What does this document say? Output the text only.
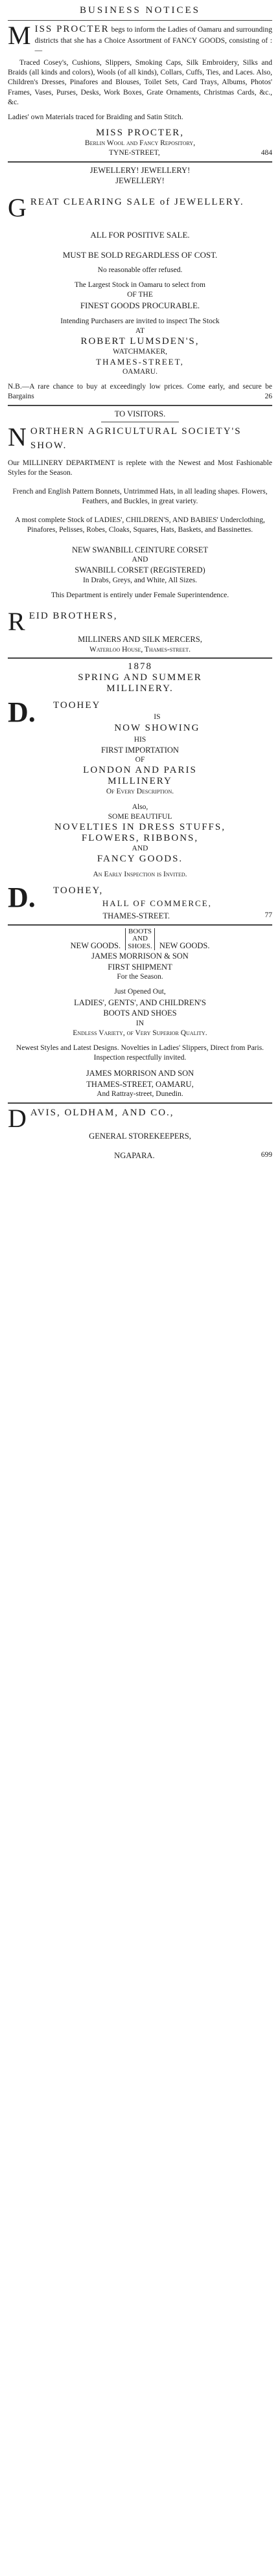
BUSINESS NOTICES
M ISS PROCTER begs to inform the Ladies of Oamaru and surrounding districts that she has a Choice Assortment of FANCY GOODS, consisting of :—

Traced Cosey's, Cushions, Slippers, Smoking Caps, Silk Embroidery, Silks and Braids (all kinds and colors), Wools (of all kinds), Collars, Cuffs, Ties, and Laces. Also, Children's Dresses, Pinafores and Blouses, Toilet Sets, Card Trays, Albums, Photos' Frames, Vases, Purses, Desks, Work Boxes, Grate Ornaments, Christmas Cards, &c., &c.

Ladies' own Materials traced for Braiding and Satin Stitch.

MISS PROCTER,

Berlin Wool and Fancy Repository,

TYNE-STREET,	484

JEWELLERY! JEWELLERY!

JEWELLERY!

G REAT CLEARING SALE of JEWELLERY.

ALL FOR POSITIVE SALE.

MUST BE SOLD REGARDLESS OF COST.

No reasonable offer refused.

The Largest Stock in Oamaru to select from

OF THE

FINEST GOODS PROCURABLE.

Intending Purchasers are invited to inspect The Stock

AT

ROBERT LUMSDEN'S,

WATCHMAKER,

THAMES-STREET,

OAMARU.

N.B.—A rare chance to buy at exceedingly low prices. Come early, and secure be Bargains	26

TO VISITORS.

N ORTHERN AGRICULTURAL SOCIETY'S SHOW.

Our MILLINERY DEPARTMENT is replete with the Newest and Most Fashionable Styles for the Season.

French and English Pattern Bonnets, Untrimmed Hats, in all leading shapes. Flowers, Feathers, and Buckles, in great variety.

A most complete Stock of LADIES', CHILDREN'S, AND BABIES' Underclothing, Pinafores, Pelisses, Robes, Cloaks, Squares, Hats, Baskets, and Bassinettes.

NEW SWANBILL CEINTURE CORSET

AND

SWANBILL CORSET (REGISTERED)

In Drabs, Greys, and White, All Sizes.

This Department is entirely under Female Superintendence.

R EID BROTHERS,

MILLINERS AND SILK MERCERS,

Waterloo House, Thames-street.

1878

SPRING AND SUMMER

MILLINERY.

D.	TOOHEY
IS
NOW SHOWING

HIS

FIRST IMPORTATION

OF

LONDON AND PARIS

MILLINERY

Of Every Description.

Also,

SOME BEAUTIFUL

NOVELTIES IN DRESS STUFFS,

FLOWERS, RIBBONS,

AND

FANCY GOODS.

An Early Inspection is Invited.

D.	TOOHEY,
HALL OF COMMERCE,
THAMES-STREET.	77
NEW GOODS.
BOOTS
AND
SHOES. NEW GOODS.

JAMES MORRISON & SON

FIRST SHIPMENT

For the Season.

Just Opened Out,

LADIES', GENTS', AND CHILDREN'S

BOOTS AND SHOES

IN

Endless Variety, of Very Superior Quality.

Newest Styles and Latest Designs. Novelties in Ladies' Slippers, Direct from Paris. Inspection respectfully invited.

JAMES MORRISON AND SON

THAMES-STREET, OAMARU,

And Rattray-street, Dunedin.

D AVIS, OLDHAM, AND CO.,

GENERAL STOREKEEPERS,

NGAPARA.	699
